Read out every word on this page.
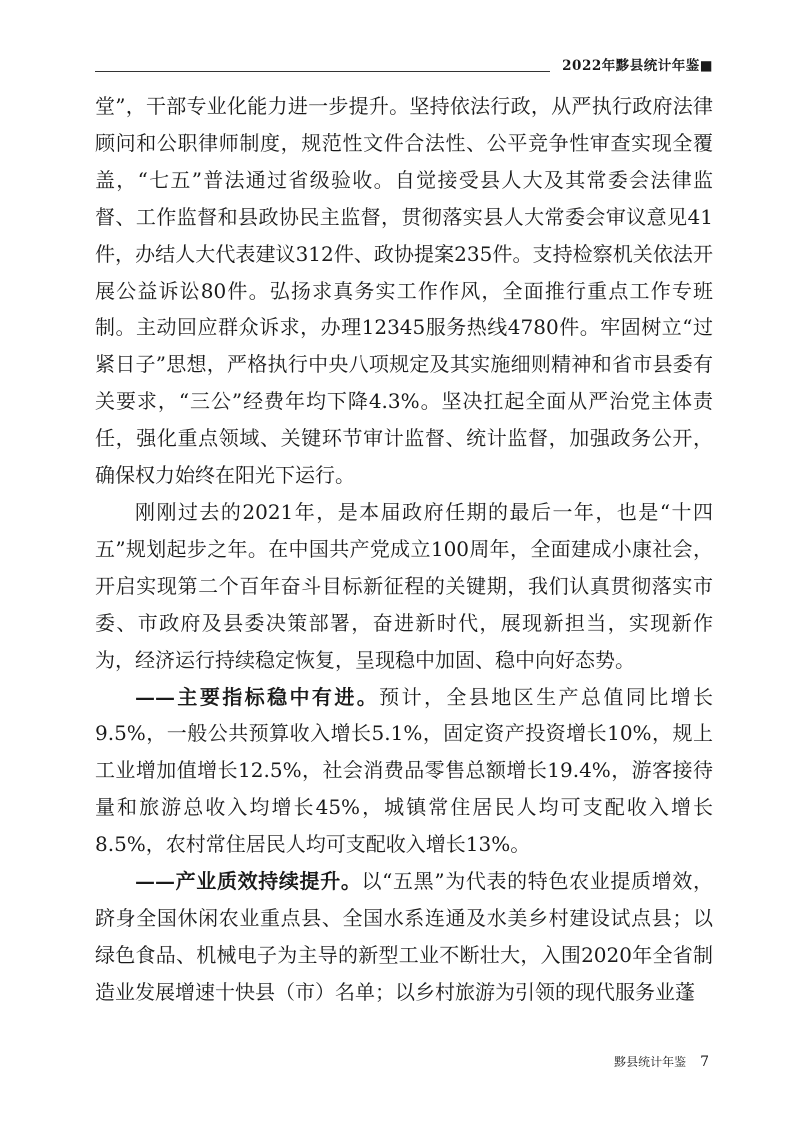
2022年黟县统计年鉴■

堂”，干部专业化能力进一步提升。坚持依法行政，从严执行政府法律顾问和公职律师制度，规范性文件合法性、公平竞争性审查实现全覆盖，“七五”普法通过省级验收。自觉接受县人大及其常委会法律监督、工作监督和县政协民主监督，贯彻落实县人大常委会审议意见41件，办结人大代表建议312件、政协提案235件。支持检察机关依法开展公益诉讼80件。弘扬求真务实工作作风，全面推行重点工作专班制。主动回应群众诉求，办理12345服务热线4780件。牢固树立“过紧日子”思想，严格执行中央八项规定及其实施细则精神和省市县委有关要求，“三公”经费年均下降4.3%。坚决扛起全面从严治党主体责任，强化重点领域、关键环节审计监督、统计监督，加强政务公开，确保权力始终在阳光下运行。

刚刚过去的2021年，是本届政府任期的最后一年，也是“十四五”规划起步之年。在中国共产党成立100周年，全面建成小康社会，开启实现第二个百年奋斗目标新征程的关键期，我们认真贯彻落实市委、市政府及县委决策部署，奋进新时代，展现新担当，实现新作为，经济运行持续稳定恢复，呈现稳中加固、稳中向好态势。

——主要指标稳中有进。预计，全县地区生产总值同比增长9.5%，一般公共预算收入增长5.1%，固定资产投资增长10%，规上工业增加值增长12.5%，社会消费品零售总额增长19.4%，游客接待量和旅游总收入均增长45%，城镇常住居民人均可支配收入增长8.5%，农村常住居民人均可支配收入增长13%。

——产业质效持续提升。以“五黑”为代表的特色农业提质增效，跻身全国休闲农业重点县、全国水系连通及水美乡村建设试点县；以绿色食品、机械电子为主导的新型工业不断壮大，入围2020年全省制造业发展增速十快县（市）名单；以乡村旅游为引领的现代服务业蓬

黟县统计年鉴 7
